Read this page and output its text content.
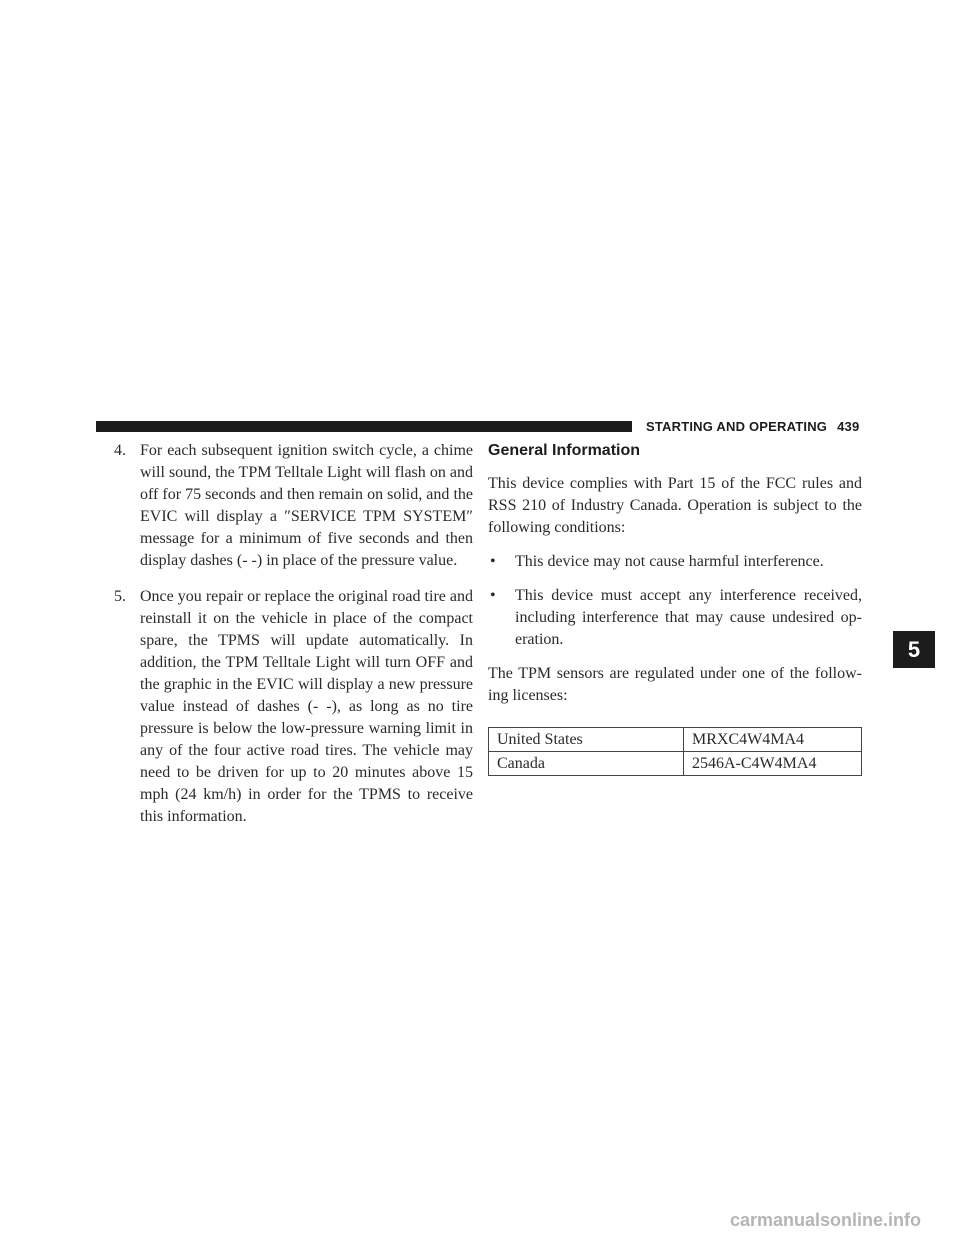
STARTING AND OPERATING 439
4. For each subsequent ignition switch cycle, a chime will sound, the TPM Telltale Light will flash on and off for 75 seconds and then remain on solid, and the EVIC will display a ″SERVICE TPM SYSTEM″ message for a minimum of five seconds and then display dashes (- -) in place of the pressure value.
5. Once you repair or replace the original road tire and reinstall it on the vehicle in place of the compact spare, the TPMS will update automatically. In addition, the TPM Telltale Light will turn OFF and the graphic in the EVIC will display a new pressure value instead of dashes (- -), as long as no tire pressure is below the low-pressure warning limit in any of the four active road tires. The vehicle may need to be driven for up to 20 minutes above 15 mph (24 km/h) in order for the TPMS to receive this information.
General Information

This device complies with Part 15 of the FCC rules and RSS 210 of Industry Canada. Operation is subject to the following conditions:

• This device may not cause harmful interference.
• This device must accept any interference received, including interference that may cause undesired op-eration.

The TPM sensors are regulated under one of the follow-ing licenses:

United States	MRXC4W4MA4
Canada	2546A-C4W4MA4
5
carmanualsonline.info
